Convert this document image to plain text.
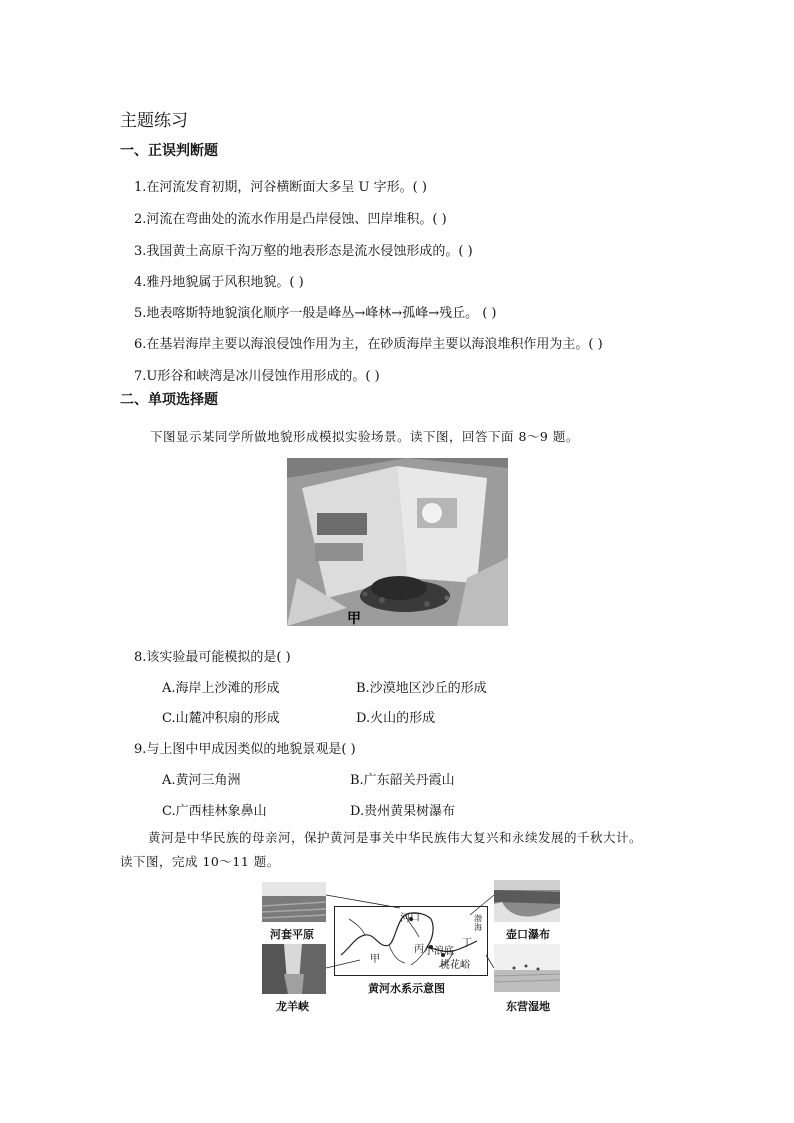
主题练习
一、正误判断题
1.在河流发育初期，河谷横断面大多呈 U 字形。( )
2.河流在弯曲处的流水作用是凸岸侵蚀、凹岸堆积。( )
3.我国黄土高原千沟万壑的地表形态是流水侵蚀形成的。( )
4.雅丹地貌属于风积地貌。( )
5.地表喀斯特地貌演化顺序一般是峰丛→峰林→孤峰→残丘。 ( )
6.在基岩海岸主要以海浪侵蚀作用为主，在砂质海岸主要以海浪堆积作用为主。( )
7.U形谷和峡湾是冰川侵蚀作用形成的。( )
二、单项选择题
下图显示某同学所做地貌形成模拟实验场景。读下图，回答下面 8～9 题。
甲
8.该实验最可能模拟的是( )
A.海岸上沙滩的形成	B.沙漠地区沙丘的形成
C.山麓冲积扇的形成	D.火山的形成
9.与上图中甲成因类似的地貌景观是( )
A.黄河三角洲	B.广东韶关丹霞山
C.广西桂林象鼻山	D.贵州黄果树瀑布
黄河是中华民族的母亲河，保护黄河是事关中华民族伟大复兴和永续发展的千秋大计。
读下图，完成 10～11 题。
河套平原
龙羊峡
河口	渤海
丁
丙 小浪底
桃花峪
甲
黄河水系示意图
壶口瀑布
东营湿地
